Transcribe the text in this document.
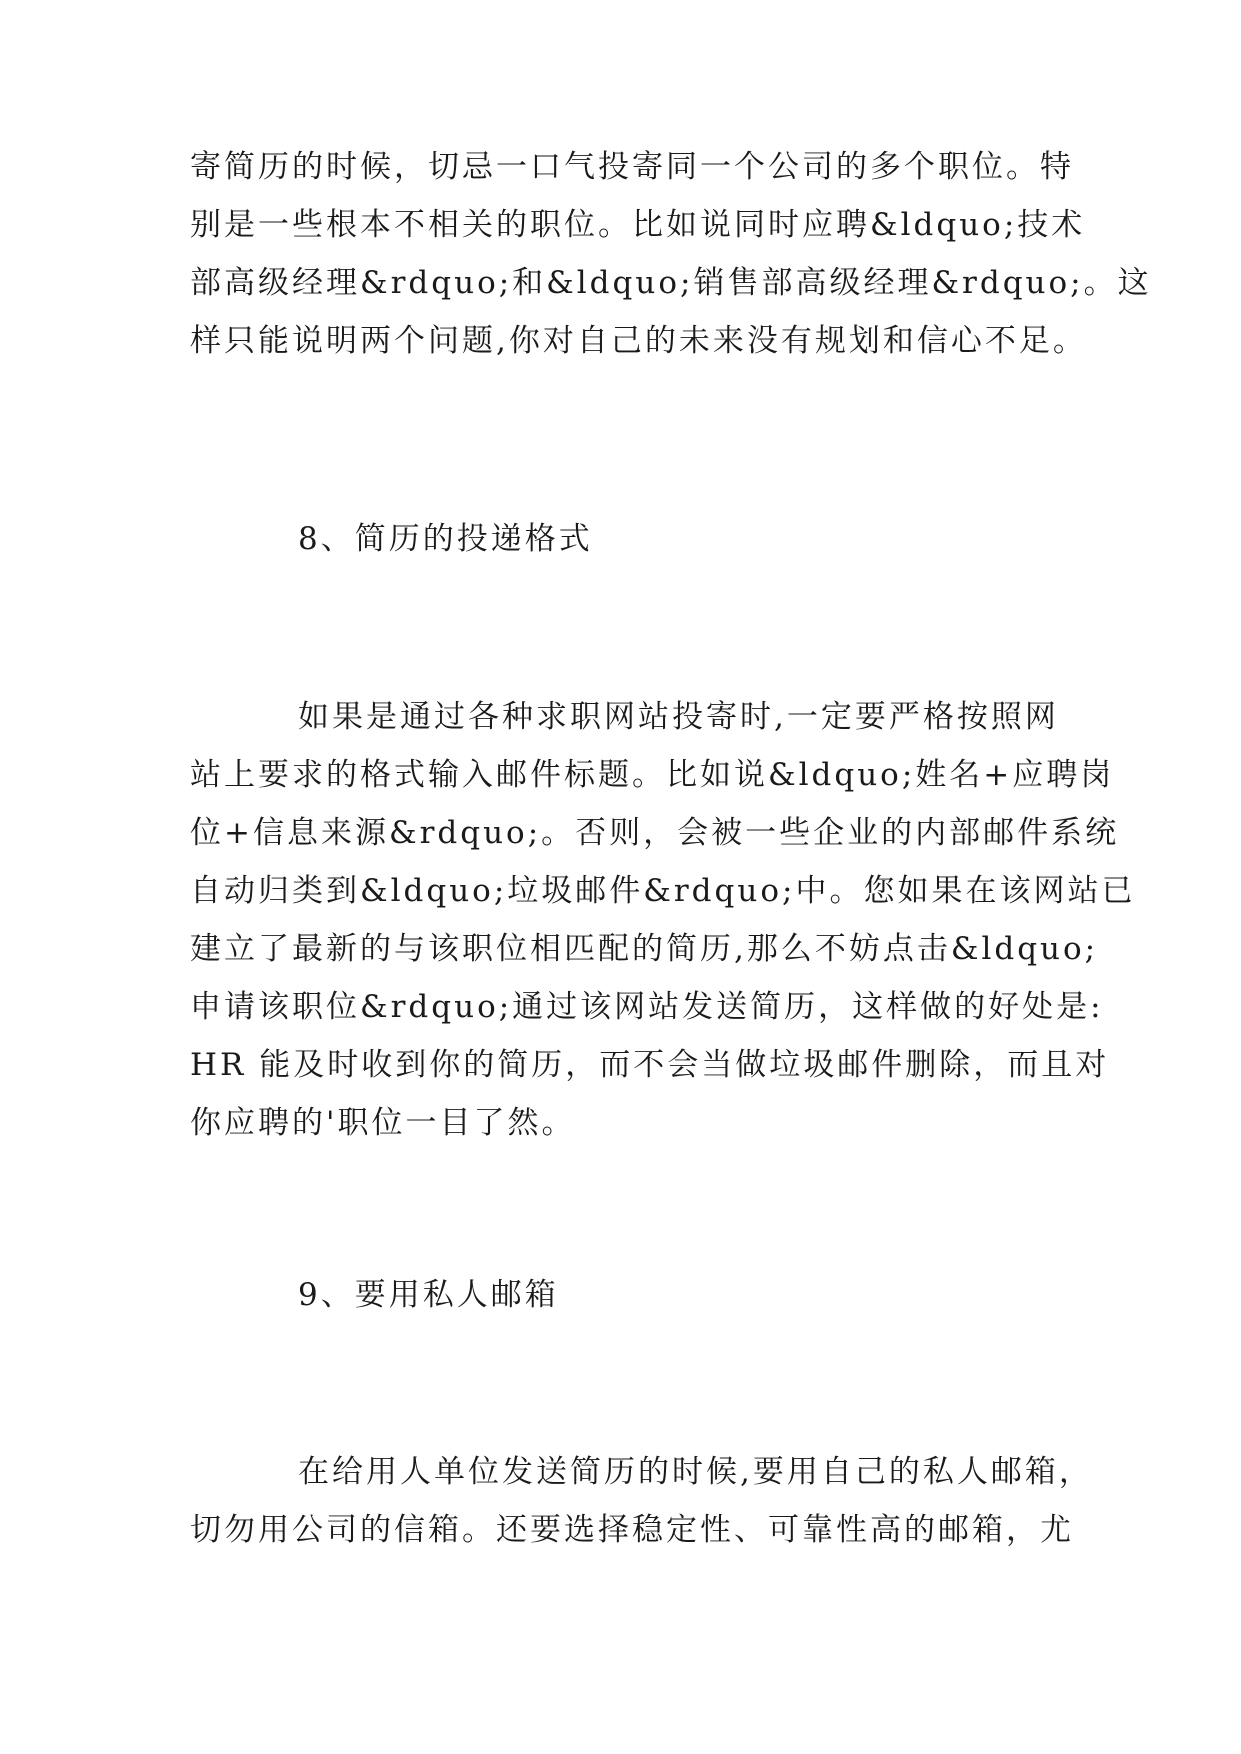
寄简历的时候，切忌一口气投寄同一个公司的多个职位。特
别是一些根本不相关的职位。比如说同时应聘&ldquo;技术
部高级经理&rdquo;和&ldquo;销售部高级经理&rdquo;。这
样只能说明两个问题,你对自己的未来没有规划和信心不足。
8、简历的投递格式
如果是通过各种求职网站投寄时,一定要严格按照网
站上要求的格式输入邮件标题。比如说&ldquo;姓名+应聘岗
位+信息来源&rdquo;。否则，会被一些企业的内部邮件系统
自动归类到&ldquo;垃圾邮件&rdquo;中。您如果在该网站已
建立了最新的与该职位相匹配的简历,那么不妨点击&ldquo;
申请该职位&rdquo;通过该网站发送简历，这样做的好处是:
HR 能及时收到你的简历，而不会当做垃圾邮件删除，而且对
你应聘的'职位一目了然。
9、要用私人邮箱
在给用人单位发送简历的时候,要用自己的私人邮箱，
切勿用公司的信箱。还要选择稳定性、可靠性高的邮箱，尤
